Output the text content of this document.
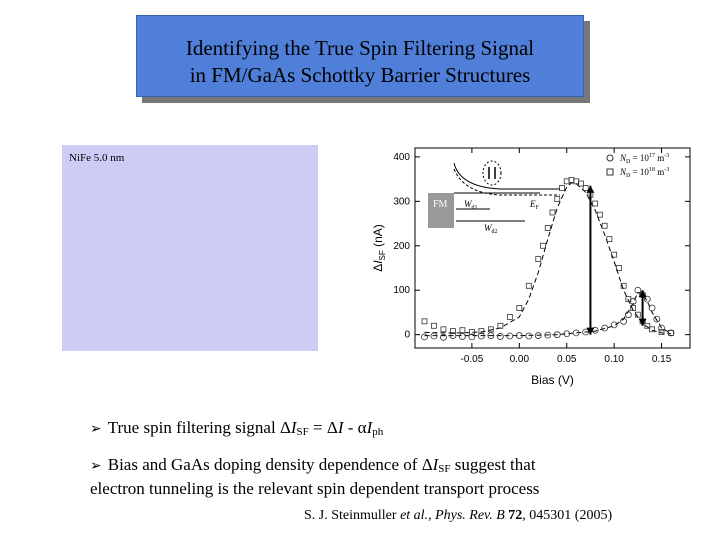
Identifying the True Spin Filtering Signal
in FM/GaAs Schottky Barrier Structures
NiFe 5.0 nm
-0.05	0.00	0.05	0.10	0.15
0
100
200
300
400
Bias (V)
$\Delta I_{SF}$ (nA)
FM $W_{d1}$
$W_{d2}$
$E_F$
$N_D = 10^{17}$ $m^{-3}$
$N_D = 10^{18}$ $m^{-3}$
➢ True spin filtering signal $\Delta I_{SF} = \Delta I - \alpha I_{ph}$
➢ Bias and GaAs doping density dependence of $\Delta I_{SF}$ suggest that
electron tunneling is the relevant spin dependent transport process
S. J. Steinmuller et al., Phys. Rev. B 72, 045301 (2005)
